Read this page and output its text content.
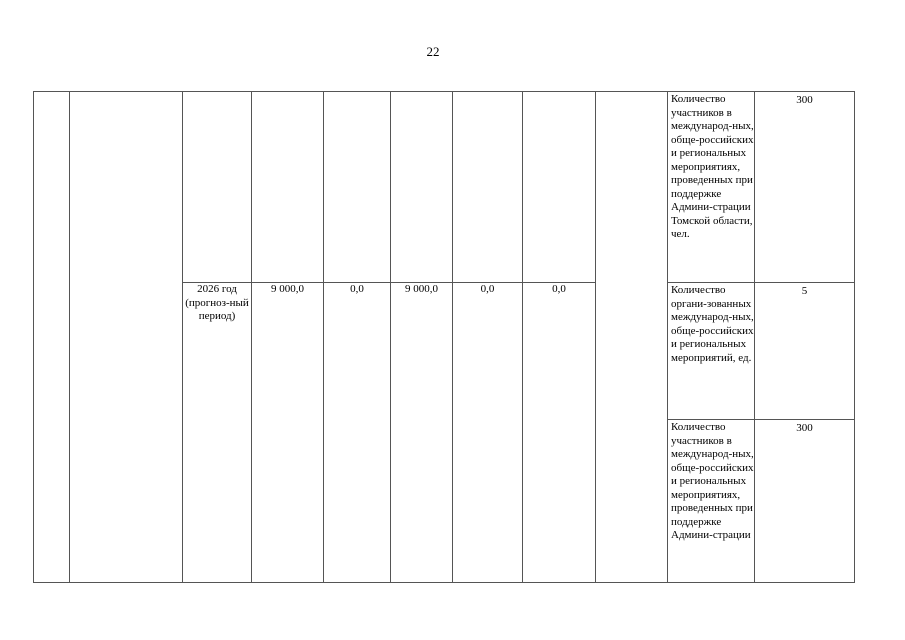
22
									Количество участников в международ-ных, обще-российских и региональных мероприятиях, проведенных при поддержке Админи-страции Томской области, чел.	300
		2026 год (прогноз-ный период)	9 000,0	0,0	9 000,0	0,0	0,0		Количество органи-зованных международ-ных, обще-российских и региональных мероприятий, ед.	5
									Количество участников в международ-ных, обще-российских и региональных мероприятиях, проведенных при поддержке Админи-страции	300
